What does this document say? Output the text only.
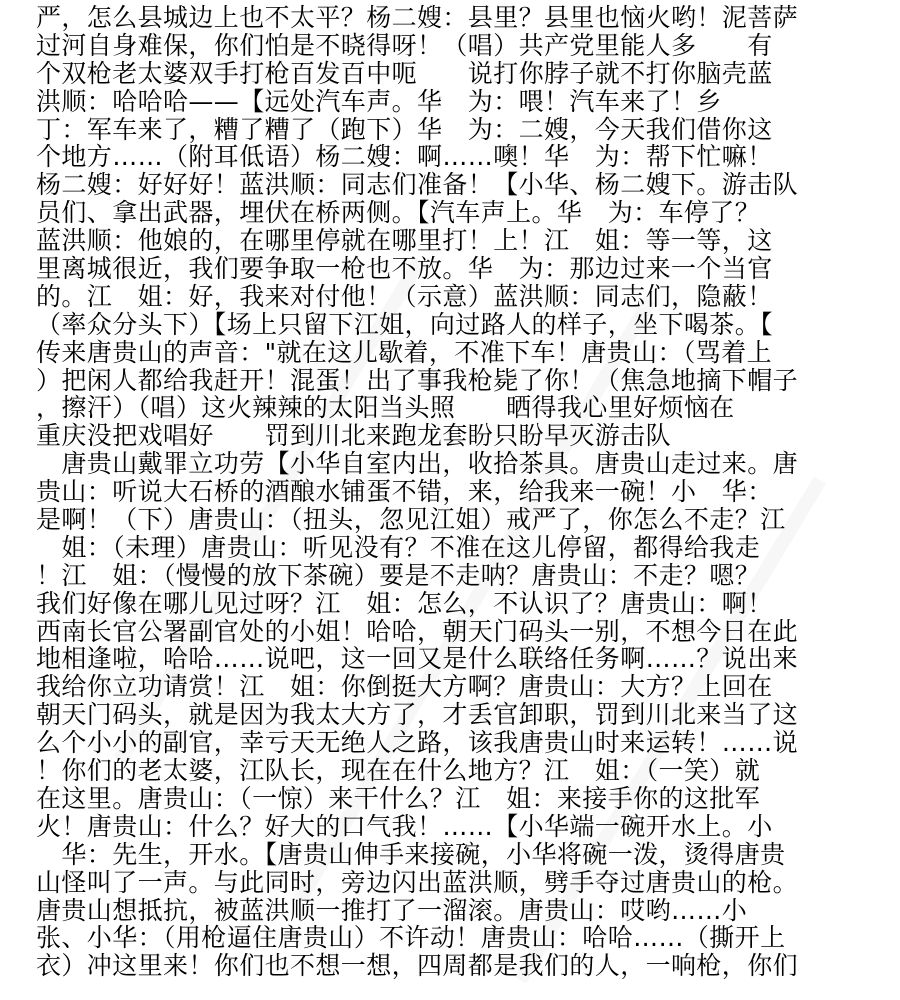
严，怎么县城边上也不太平？杨二嫂：县里？县里也恼火哟！泥菩萨
过河自身难保，你们怕是不晓得呀！（唱）共产党里能人多　　有
个双枪老太婆双手打枪百发百中呃　　说打你脖子就不打你脑壳蓝
洪顺：哈哈哈——【远处汽车声。华　为：喂！汽车来了！乡
丁：军车来了，糟了糟了（跑下）华　为：二嫂，今天我们借你这
个地方……（附耳低语）杨二嫂：啊……噢！华　为：帮下忙嘛！
杨二嫂：好好好！蓝洪顺：同志们准备！【小华、杨二嫂下。游击队
员们、拿出武器，埋伏在桥两侧。【汽车声上。华　为：车停了？
蓝洪顺：他娘的，在哪里停就在哪里打！上！江　姐：等一等，这
里离城很近，我们要争取一枪也不放。华　为：那边过来一个当官
的。江　姐：好，我来对付他！（示意）蓝洪顺：同志们，隐蔽！
（率众分头下）【场上只留下江姐，向过路人的样子，坐下喝茶。【
传来唐贵山的声音："就在这儿歇着，不准下车！唐贵山：（骂着上
）把闲人都给我赶开！混蛋！出了事我枪毙了你！（焦急地摘下帽子
，擦汗）（唱）这火辣辣的太阳当头照　　晒得我心里好烦恼在
重庆没把戏唱好　　罚到川北来跑龙套盼只盼早灭游击队
　唐贵山戴罪立功劳【小华自室内出，收拾茶具。唐贵山走过来。唐
贵山：听说大石桥的酒酿水铺蛋不错，来，给我来一碗！小　华：
是啊！（下）唐贵山：（扭头，忽见江姐）戒严了，你怎么不走？江
　姐：（未理）唐贵山：听见没有？不准在这儿停留，都得给我走
！江　姐：（慢慢的放下茶碗）要是不走呐？唐贵山：不走？嗯？
我们好像在哪儿见过呀？江　姐：怎么，不认识了？唐贵山：啊！
西南长官公署副官处的小姐！哈哈，朝天门码头一别，不想今日在此
地相逢啦，哈哈……说吧，这一回又是什么联络任务啊……？说出来
我给你立功请赏！江　姐：你倒挺大方啊？唐贵山：大方？上回在
朝天门码头，就是因为我太大方了，才丢官卸职，罚到川北来当了这
么个小小的副官，幸亏天无绝人之路，该我唐贵山时来运转！……说
！你们的老太婆，江队长，现在在什么地方？江　姐：（一笑）就
在这里。唐贵山：（一惊）来干什么？江　姐：来接手你的这批军
火！唐贵山：什么？好大的口气我！……【小华端一碗开水上。小
　华：先生，开水。【唐贵山伸手来接碗，小华将碗一泼，烫得唐贵
山怪叫了一声。与此同时，旁边闪出蓝洪顺，劈手夺过唐贵山的枪。
唐贵山想抵抗，被蓝洪顺一推打了一溜滚。唐贵山：哎哟……小
张、小华：（用枪逼住唐贵山）不许动！唐贵山：哈哈……（撕开上
衣）冲这里来！你们也不想一想，四周都是我们的人，一响枪，你们
